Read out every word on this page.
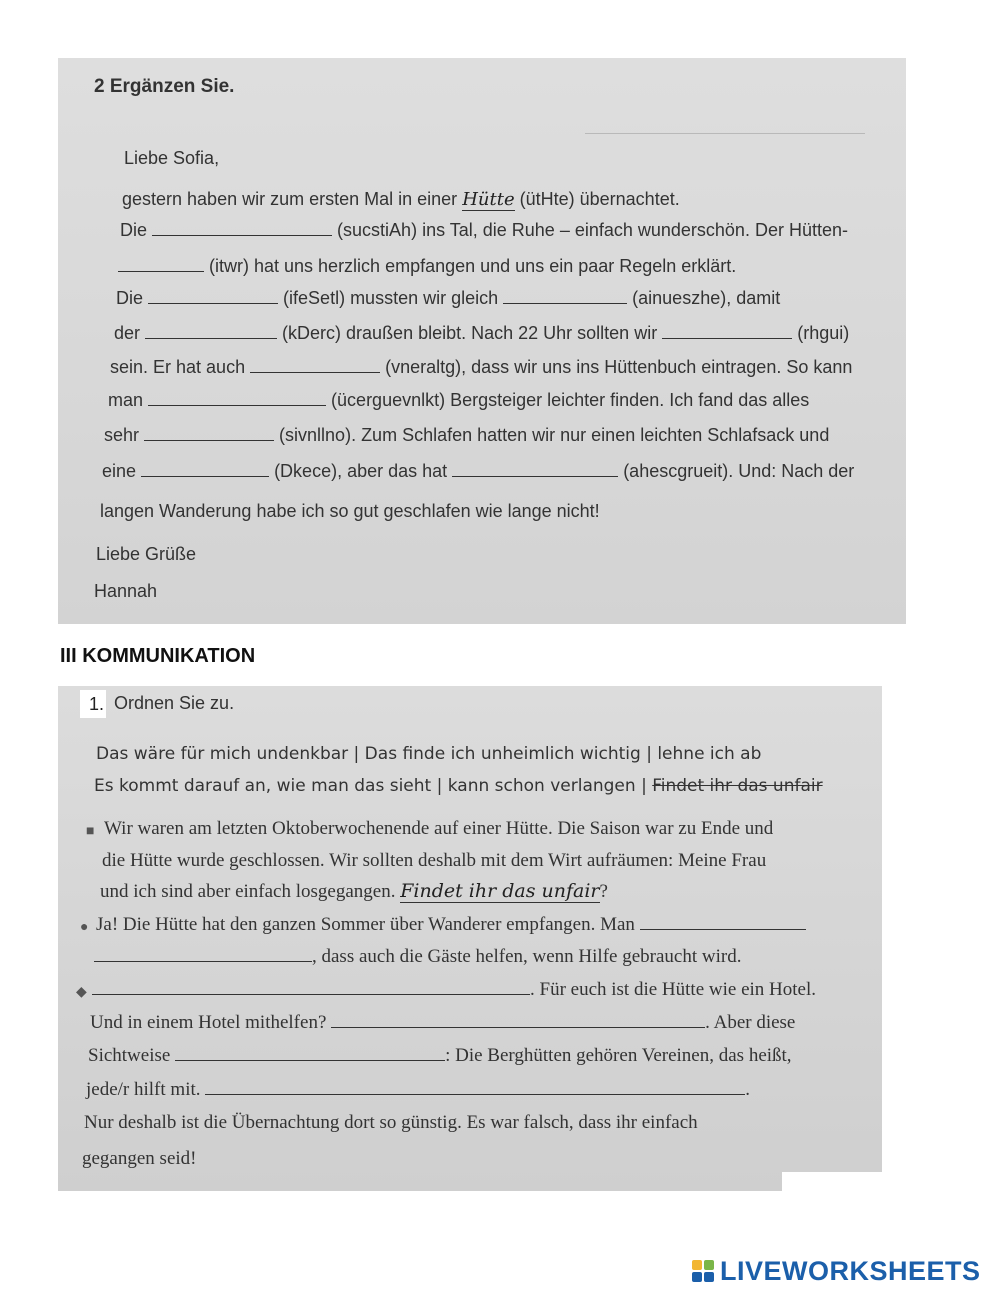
2 Ergänzen Sie.
Liebe Sofia,
gestern haben wir zum ersten Mal in einer Hütte (ütHte) übernachtet.
Die	(sucstiAh) ins Tal, die Ruhe – einfach wunderschön. Der Hütten-
(itwr) hat uns herzlich empfangen und uns ein paar Regeln erklärt.
Die	(ifeSetl) mussten wir gleich	(ainueszhe), damit
der	(kDerc) draußen bleibt. Nach 22 Uhr sollten wir	(rhgui)
sein. Er hat auch	(vneraltg), dass wir uns ins Hüttenbuch eintragen. So kann
man	(ücerguevnlkt) Bergsteiger leichter finden. Ich fand das alles
sehr	(sivnllno). Zum Schlafen hatten wir nur einen leichten Schlafsack und
eine	(Dkece), aber das hat	(ahescgrueit). Und: Nach der
langen Wanderung habe ich so gut geschlafen wie lange nicht!
Liebe Grüße
Hannah
III KOMMUNIKATION
1. Ordnen Sie zu.
Das wäre für mich undenkbar | Das finde ich unheimlich wichtig | lehne ich ab
Es kommt darauf an, wie man das sieht | kann schon verlangen | Findet ihr das unfair
■ Wir waren am letzten Oktoberwochenende auf einer Hütte. Die Saison war zu Ende und
die Hütte wurde geschlossen. Wir sollten deshalb mit dem Wirt aufräumen: Meine Frau
und ich sind aber einfach losgegangen. Findet ihr das unfair?
● Ja! Die Hütte hat den ganzen Sommer über Wanderer empfangen. Man
, dass auch die Gäste helfen, wenn Hilfe gebraucht wird.
◆	. Für euch ist die Hütte wie ein Hotel.
Und in einem Hotel mithelfen?	. Aber diese
Sichtweise	: Die Berghütten gehören Vereinen, das heißt,
jede/r hilft mit.	.
Nur deshalb ist die Übernachtung dort so günstig. Es war falsch, dass ihr einfach
gegangen seid!
LIVEWORKSHEETS
